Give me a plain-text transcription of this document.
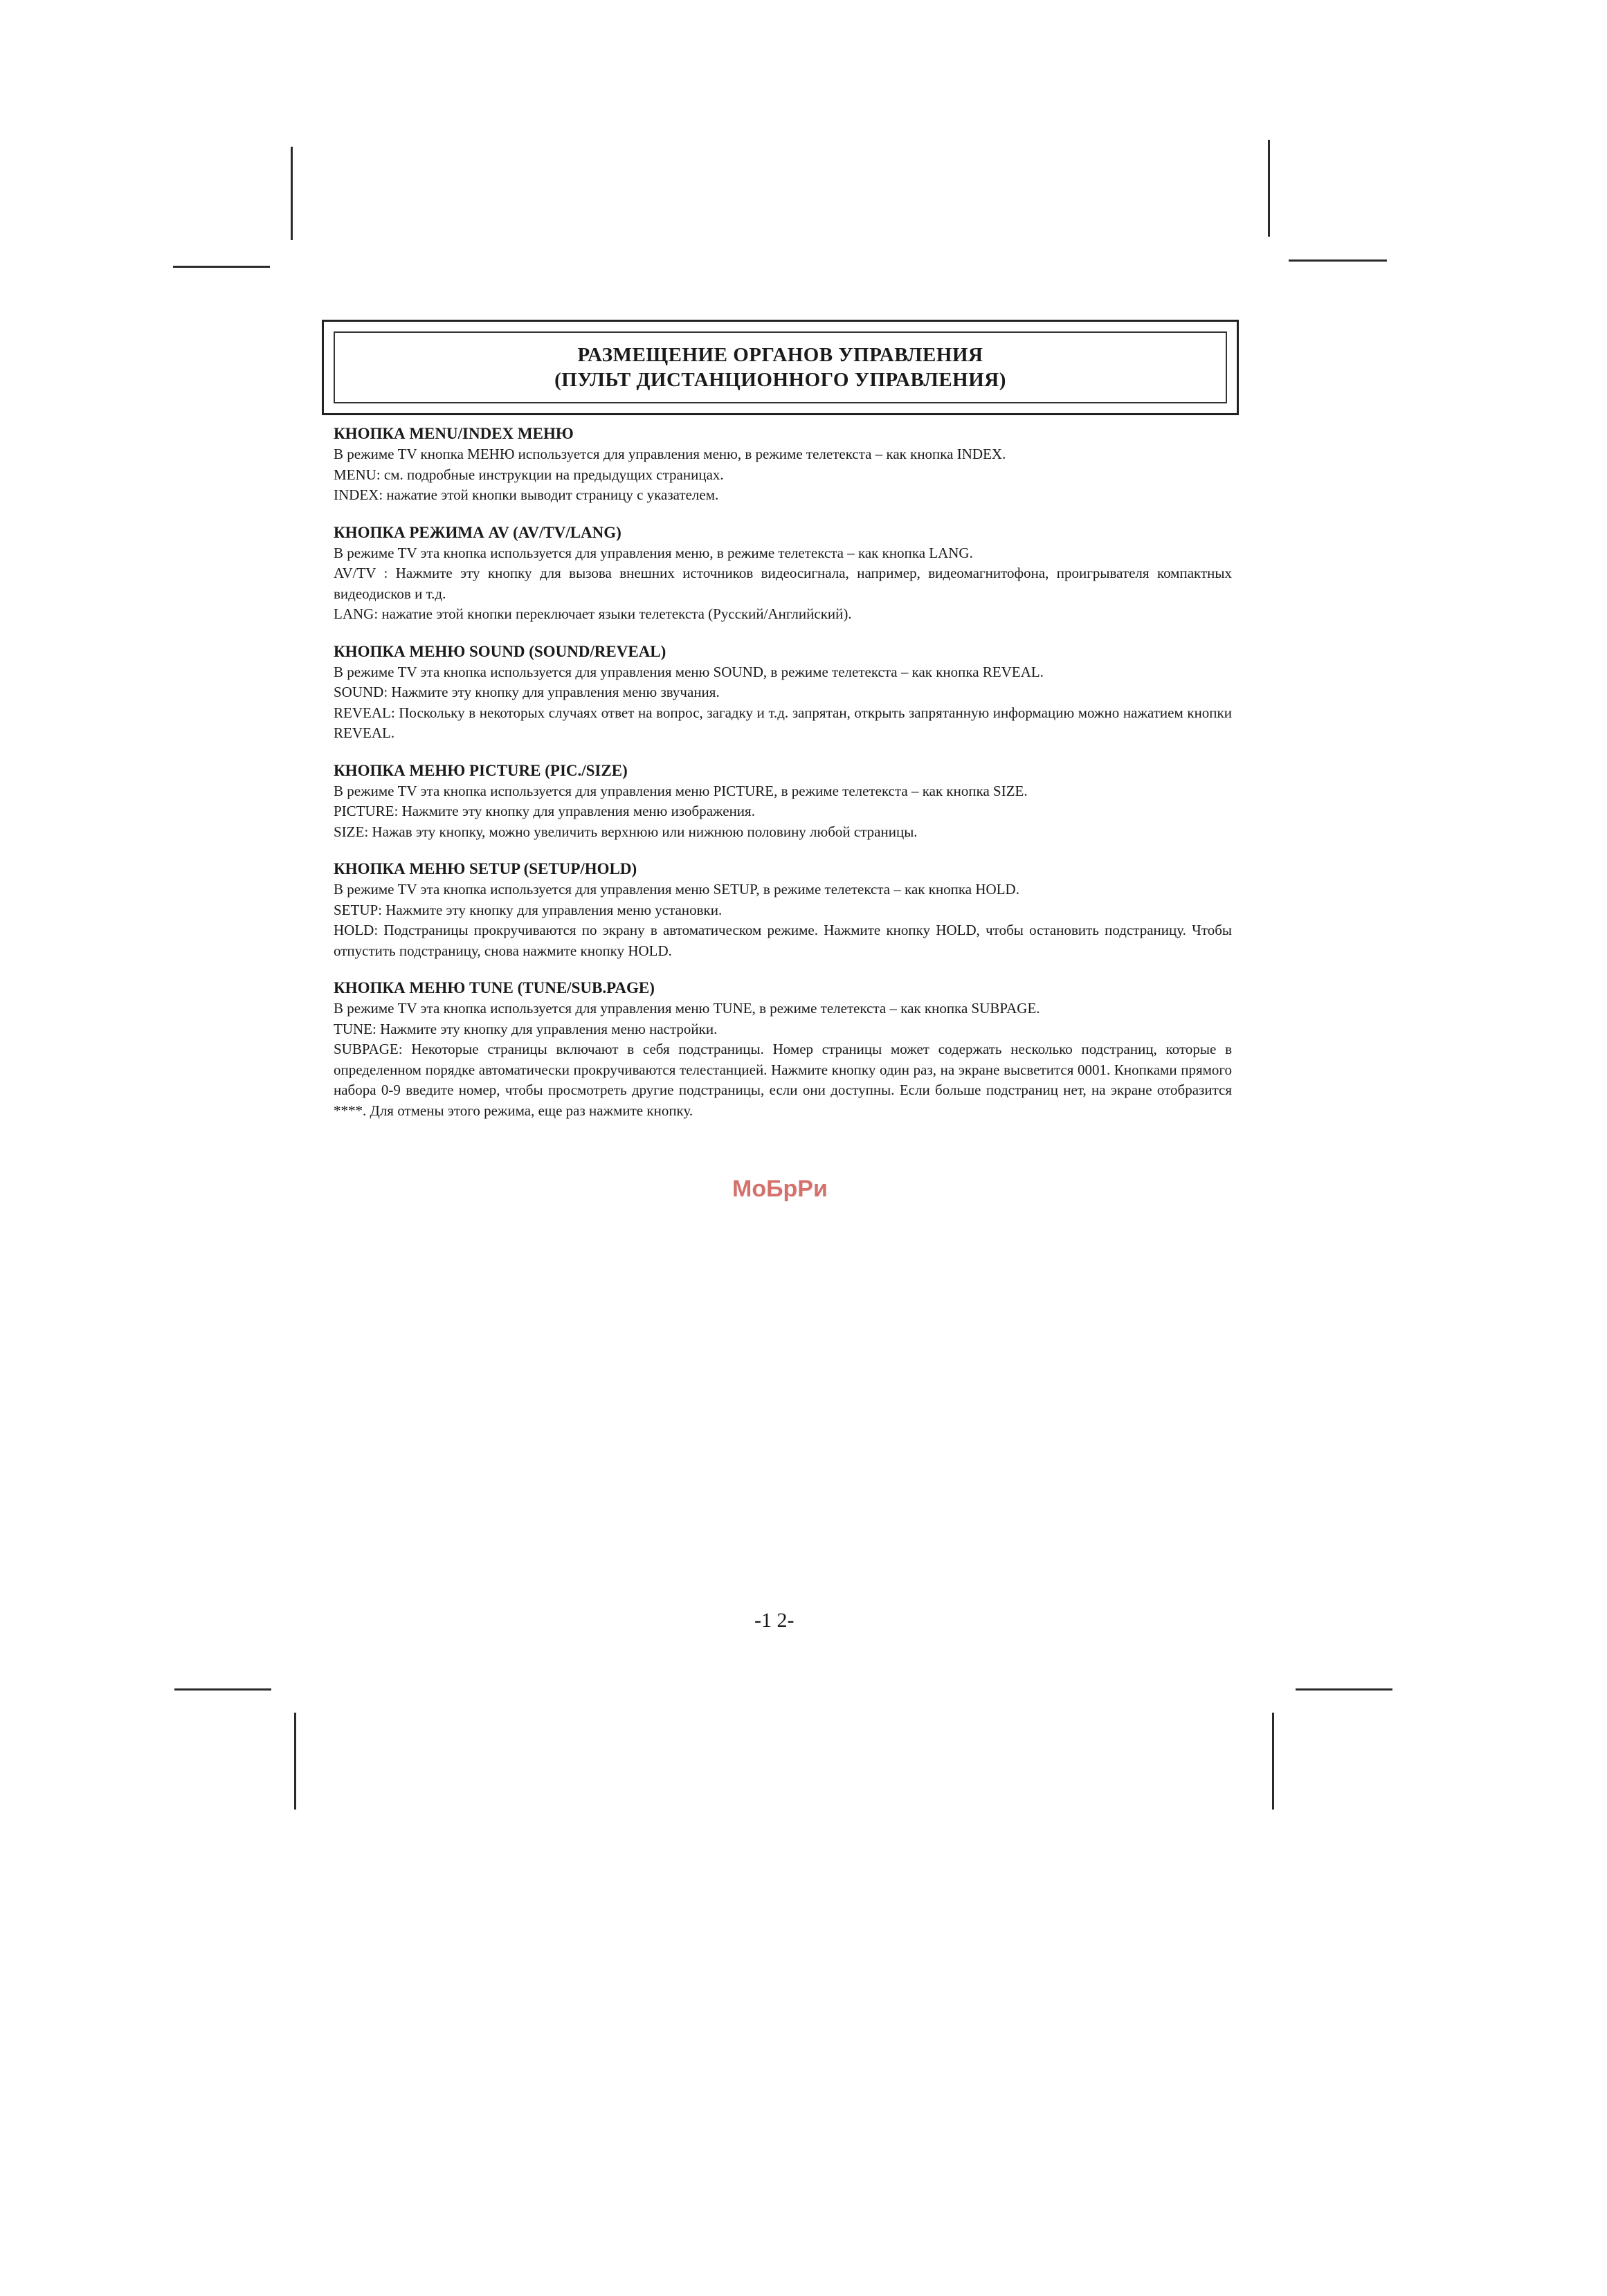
РАЗМЕЩЕНИЕ ОРГАНОВ УПРАВЛЕНИЯ
(ПУЛЬТ ДИСТАНЦИОННОГО УПРАВЛЕНИЯ)
КНОПКА MENU/INDEX МЕНЮ

В режиме TV кнопка МЕНЮ используется для управления меню, в режиме телетекста – как кнопка INDEX.

MENU: см. подробные инструкции на предыдущих страницах.

INDEX: нажатие этой кнопки выводит страницу с указателем.

КНОПКА РЕЖИМА AV (AV/TV/LANG)

В режиме TV эта кнопка используется для управления меню, в режиме телетекста – как кнопка LANG.

AV/TV : Нажмите эту кнопку для вызова внешних источников видеосигнала, например, видеомагнитофона, проигрывателя компактных видеодисков и т.д.

LANG: нажатие этой кнопки переключает языки телетекста (Русский/Английский).

КНОПКА МЕНЮ SOUND (SOUND/REVEAL)

В режиме TV эта кнопка используется для управления меню SOUND, в режиме телетекста – как кнопка REVEAL.

SOUND: Нажмите эту кнопку для управления меню звучания.

REVEAL: Поскольку в некоторых случаях ответ на вопрос, загадку и т.д. запрятан, открыть запрятанную информацию можно нажатием кнопки REVEAL.

КНОПКА МЕНЮ PICTURE (PIC./SIZE)

В режиме TV эта кнопка используется для управления меню PICTURE, в режиме телетекста – как кнопка SIZE.

PICTURE: Нажмите эту кнопку для управления меню изображения.

SIZE: Нажав эту кнопку, можно увеличить верхнюю или нижнюю половину любой страницы.

КНОПКА МЕНЮ SETUP (SETUP/HOLD)

В режиме TV эта кнопка используется для управления меню SETUP, в режиме телетекста – как кнопка HOLD.

SETUP: Нажмите эту кнопку для управления меню установки.

HOLD: Подстраницы прокручиваются по экрану в автоматическом режиме. Нажмите кнопку HOLD, чтобы остановить подстраницу. Чтобы отпустить подстраницу, снова нажмите кнопку HOLD.

КНОПКА МЕНЮ TUNE (TUNE/SUB.PAGE)

В режиме TV эта кнопка используется для управления меню TUNE, в режиме телетекста – как кнопка SUBPAGE.

TUNE: Нажмите эту кнопку для управления меню настройки.

SUBPAGE: Некоторые страницы включают в себя подстраницы. Номер страницы может содержать несколько подстраниц, которые в определенном порядке автоматически прокручиваются телестанцией. Нажмите кнопку один раз, на экране высветится 0001. Кнопками прямого набора 0-9 введите номер, чтобы просмотреть другие подстраницы, если они доступны. Если больше подстраниц нет, на экране отобразится ****. Для отмены этого режима, еще раз нажмите кнопку.

МоБрРи
-1 2-
